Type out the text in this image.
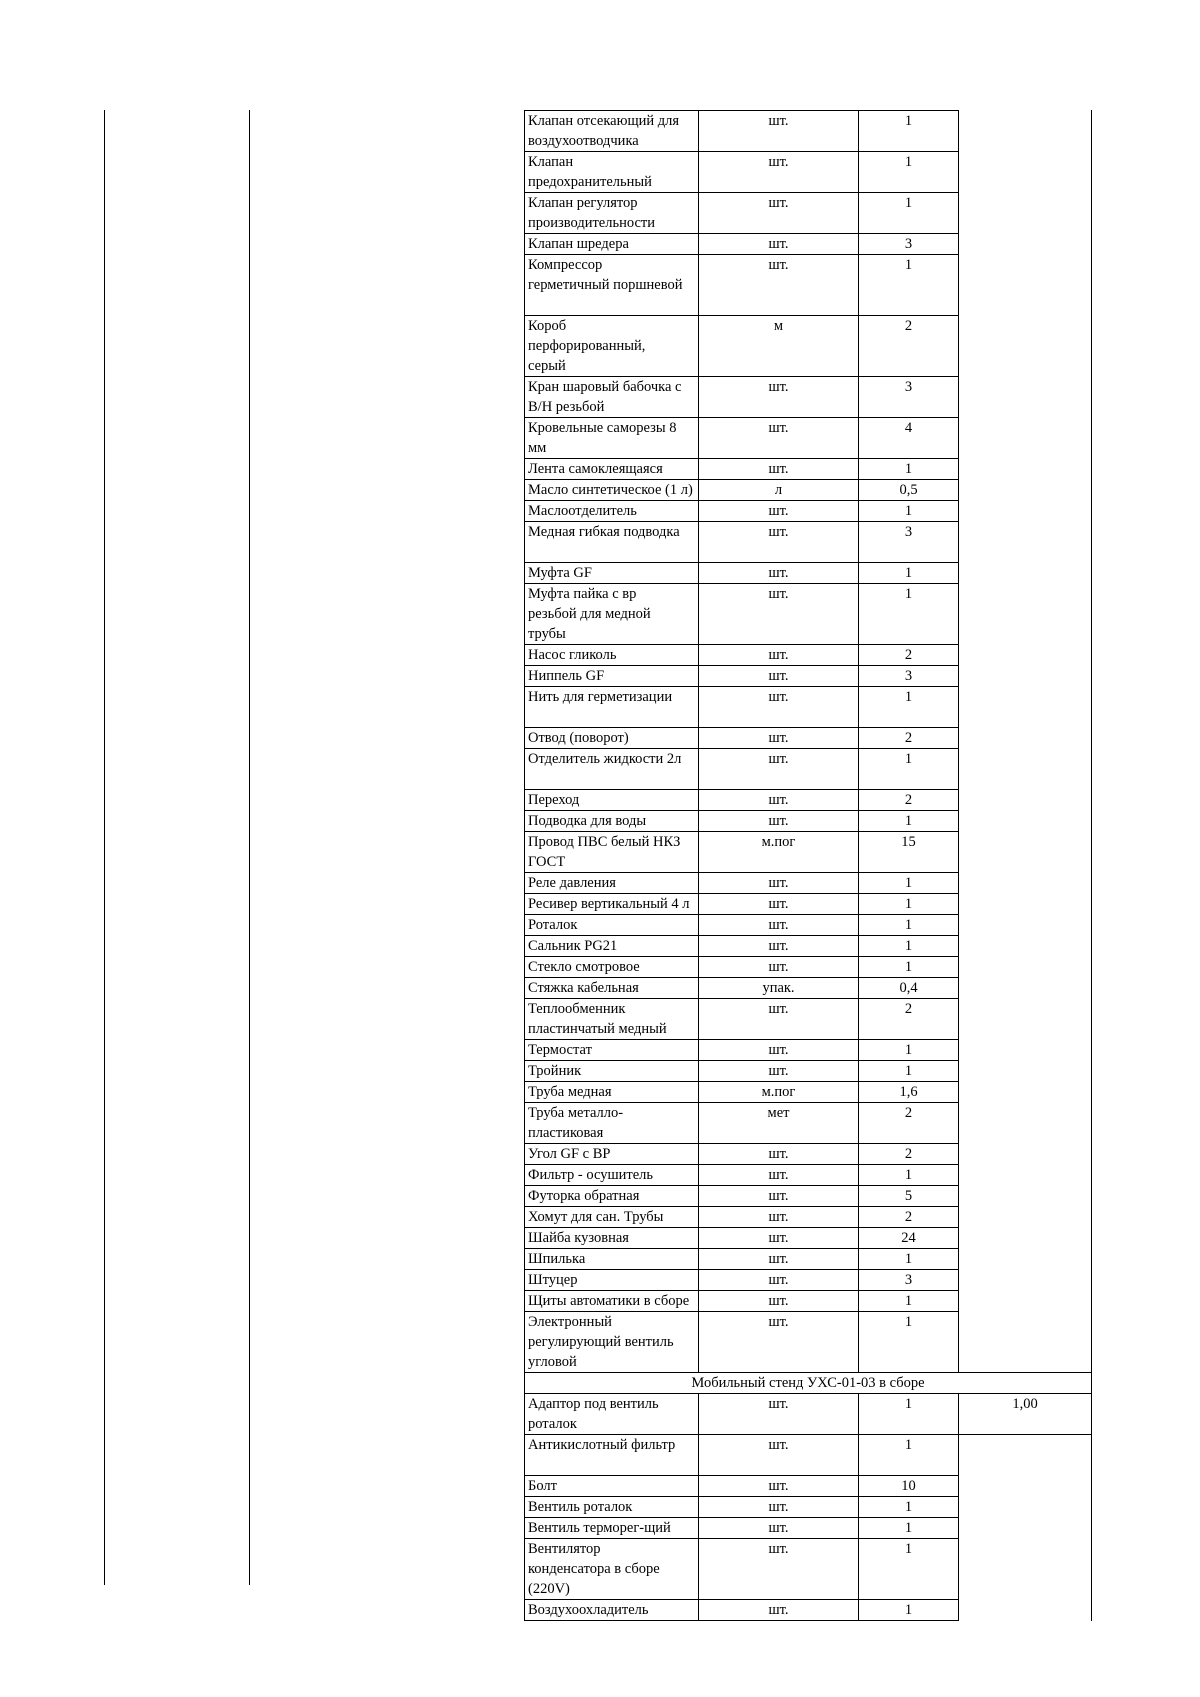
Клапан отсекающий для
воздухоотводчика	шт.	1	
Клапан
предохранительный	шт.	1	
Клапан регулятор
производительности	шт.	1	
Клапан шредера	шт.	3	
Компрессор
герметичный поршневой	шт.	1	
Короб
перфорированный,
серый	м	2	
Кран шаровый бабочка с
В/Н резьбой	шт.	3	
Кровельные саморезы 8 мм	шт.	4	
Лента самоклеящаяся	шт.	1	
Масло синтетическое (1 л)	л	0,5	
Маслоотделитель	шт.	1	
Медная гибкая подводка	шт.	3	
Муфта GF	шт.	1	
Муфта пайка с вр
резьбой для медной
трубы	шт.	1	
Насос гликоль	шт.	2	
Ниппель GF	шт.	3	
Нить для герметизации	шт.	1	
Отвод (поворот)	шт.	2	
Отделитель жидкости 2л	шт.	1	
Переход	шт.	2	
Подводка для воды	шт.	1	
Провод ПВС белый НКЗ
ГОСТ	м.пог	15	
Реле давления	шт.	1	
Ресивер вертикальный 4 л	шт.	1	
Роталок	шт.	1	
Сальник PG21	шт.	1	
Стекло смотровое	шт.	1	
Стяжка кабельная	упак.	0,4	
Теплообменник
пластинчатый медный	шт.	2	
Термостат	шт.	1	
Тройник	шт.	1	
Труба медная	м.пог	1,6	
Труба металло-
пластиковая	мет	2	
Угол GF с ВР	шт.	2	
Фильтр - осушитель	шт.	1	
Футорка обратная	шт.	5	
Хомут для сан. Трубы	шт.	2	
Шайба кузовная	шт.	24	
Шпилька	шт.	1	
Штуцер	шт.	3	
Щиты автоматики в сборе	шт.	1	
Электронный
регулирующий вентиль
угловой	шт.	1	
Мобильный стенд УХС-01-03 в сборе			
Адаптор под вентиль
роталок	шт.	1	1,00
Антикислотный фильтр	шт.	1	
Болт	шт.	10	
Вентиль роталок	шт.	1	
Вентиль терморег-щий	шт.	1	
Вентилятор
конденсатора в сборе
(220V)	шт.	1	
Воздухоохладитель	шт.	1	
